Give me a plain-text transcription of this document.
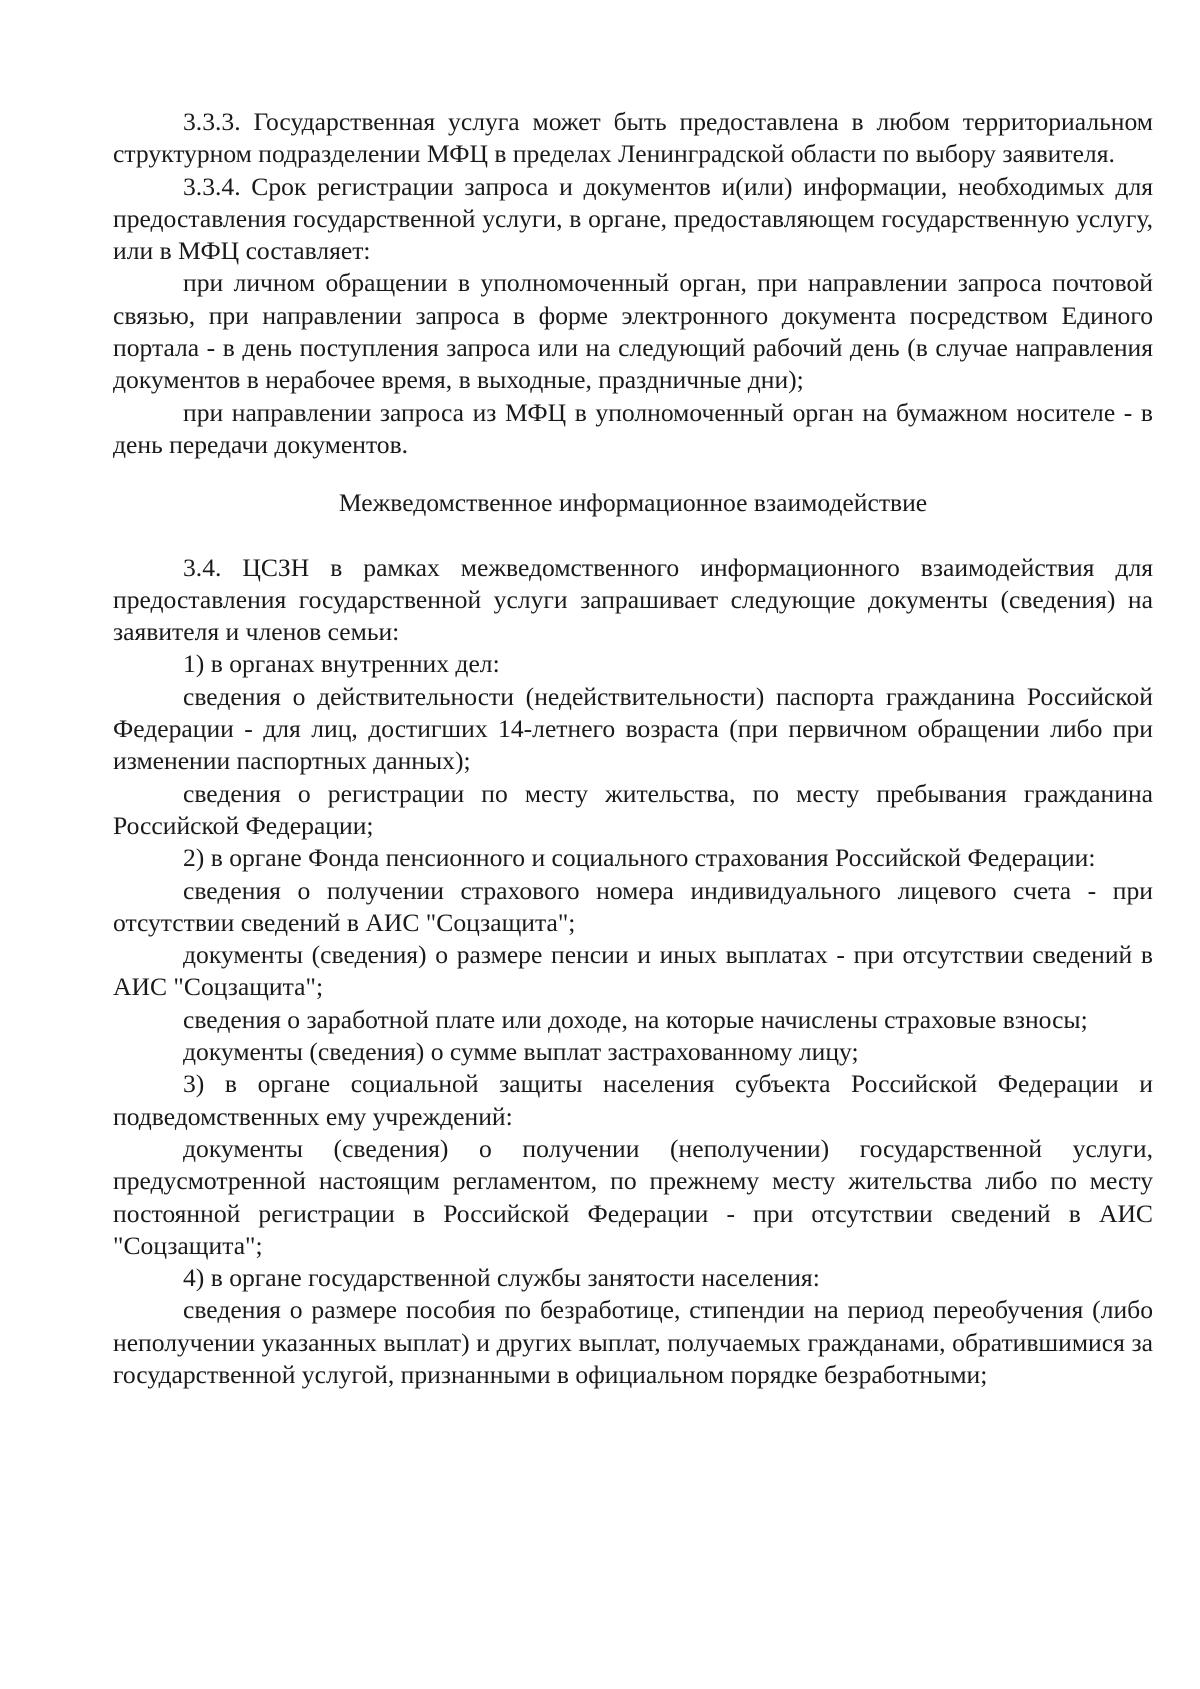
3.3.3. Государственная услуга может быть предоставлена в любом территориальном структурном подразделении МФЦ в пределах Ленинградской области по выбору заявителя.

3.3.4. Срок регистрации запроса и документов и(или) информации, необходимых для предоставления государственной услуги, в органе, предоставляющем государственную услугу, или в МФЦ составляет:

при личном обращении в уполномоченный орган, при направлении запроса почтовой связью, при направлении запроса в форме электронного документа посредством Единого портала - в день поступления запроса или на следующий рабочий день (в случае направления документов в нерабочее время, в выходные, праздничные дни);

при направлении запроса из МФЦ в уполномоченный орган на бумажном носителе - в день передачи документов.

Межведомственное информационное взаимодействие

3.4. ЦСЗН в рамках межведомственного информационного взаимодействия для предоставления государственной услуги запрашивает следующие документы (сведения) на заявителя и членов семьи:

1) в органах внутренних дел:

сведения о действительности (недействительности) паспорта гражданина Российской Федерации - для лиц, достигших 14-летнего возраста (при первичном обращении либо при изменении паспортных данных);

сведения о регистрации по месту жительства, по месту пребывания гражданина Российской Федерации;

2) в органе Фонда пенсионного и социального страхования Российской Федерации:

сведения о получении страхового номера индивидуального лицевого счета - при отсутствии сведений в АИС "Соцзащита";

документы (сведения) о размере пенсии и иных выплатах - при отсутствии сведений в АИС "Соцзащита";

сведения о заработной плате или доходе, на которые начислены страховые взносы;

документы (сведения) о сумме выплат застрахованному лицу;

3) в органе социальной защиты населения субъекта Российской Федерации и подведомственных ему учреждений:

документы (сведения) о получении (неполучении) государственной услуги, предусмотренной настоящим регламентом, по прежнему месту жительства либо по месту постоянной регистрации в Российской Федерации - при отсутствии сведений в АИС "Соцзащита";

4) в органе государственной службы занятости населения:

сведения о размере пособия по безработице, стипендии на период переобучения (либо неполучении указанных выплат) и других выплат, получаемых гражданами, обратившимися за государственной услугой, признанными в официальном порядке безработными;
